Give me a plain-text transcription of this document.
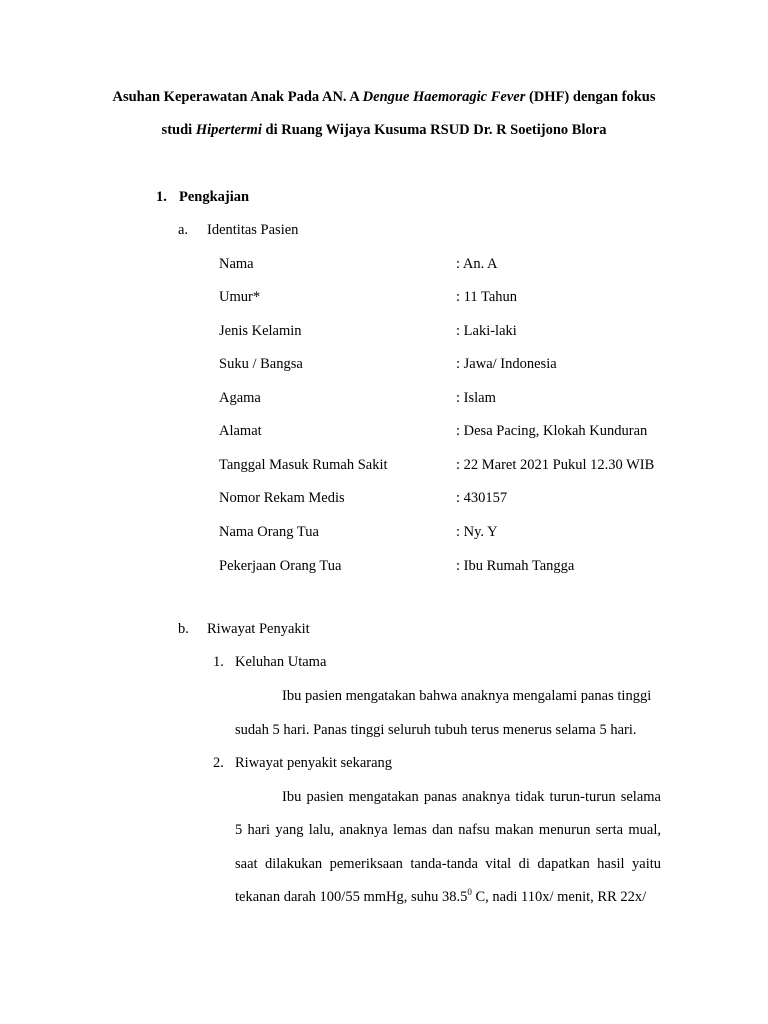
Asuhan Keperawatan Anak Pada AN. A Dengue Haemoragic Fever (DHF) dengan fokus
studi Hipertermi di Ruang Wijaya Kusuma RSUD Dr. R Soetijono Blora
1. Pengkajian
a. Identitas Pasien
Nama	: An. A
Umur*	: 11 Tahun
Jenis Kelamin	: Laki-laki
Suku / Bangsa	: Jawa/ Indonesia
Agama	: Islam
Alamat	: Desa Pacing, Klokah Kunduran
Tanggal Masuk Rumah Sakit	: 22 Maret 2021 Pukul 12.30 WIB
Nomor Rekam Medis	: 430157
Nama Orang Tua	: Ny. Y
Pekerjaan Orang Tua	: Ibu Rumah Tangga
b. Riwayat Penyakit
1. Keluhan Utama
Ibu pasien mengatakan bahwa anaknya mengalami panas tinggi
sudah 5 hari. Panas tinggi seluruh tubuh terus menerus selama 5 hari.
2. Riwayat penyakit sekarang
Ibu pasien mengatakan panas anaknya tidak turun-turun selama
5 hari yang lalu, anaknya lemas dan nafsu makan menurun serta mual,
saat dilakukan pemeriksaan tanda-tanda vital di dapatkan hasil yaitu
tekanan darah 100/55 mmHg, suhu 38.5$^0$ C, nadi 110x/ menit, RR 22x/
